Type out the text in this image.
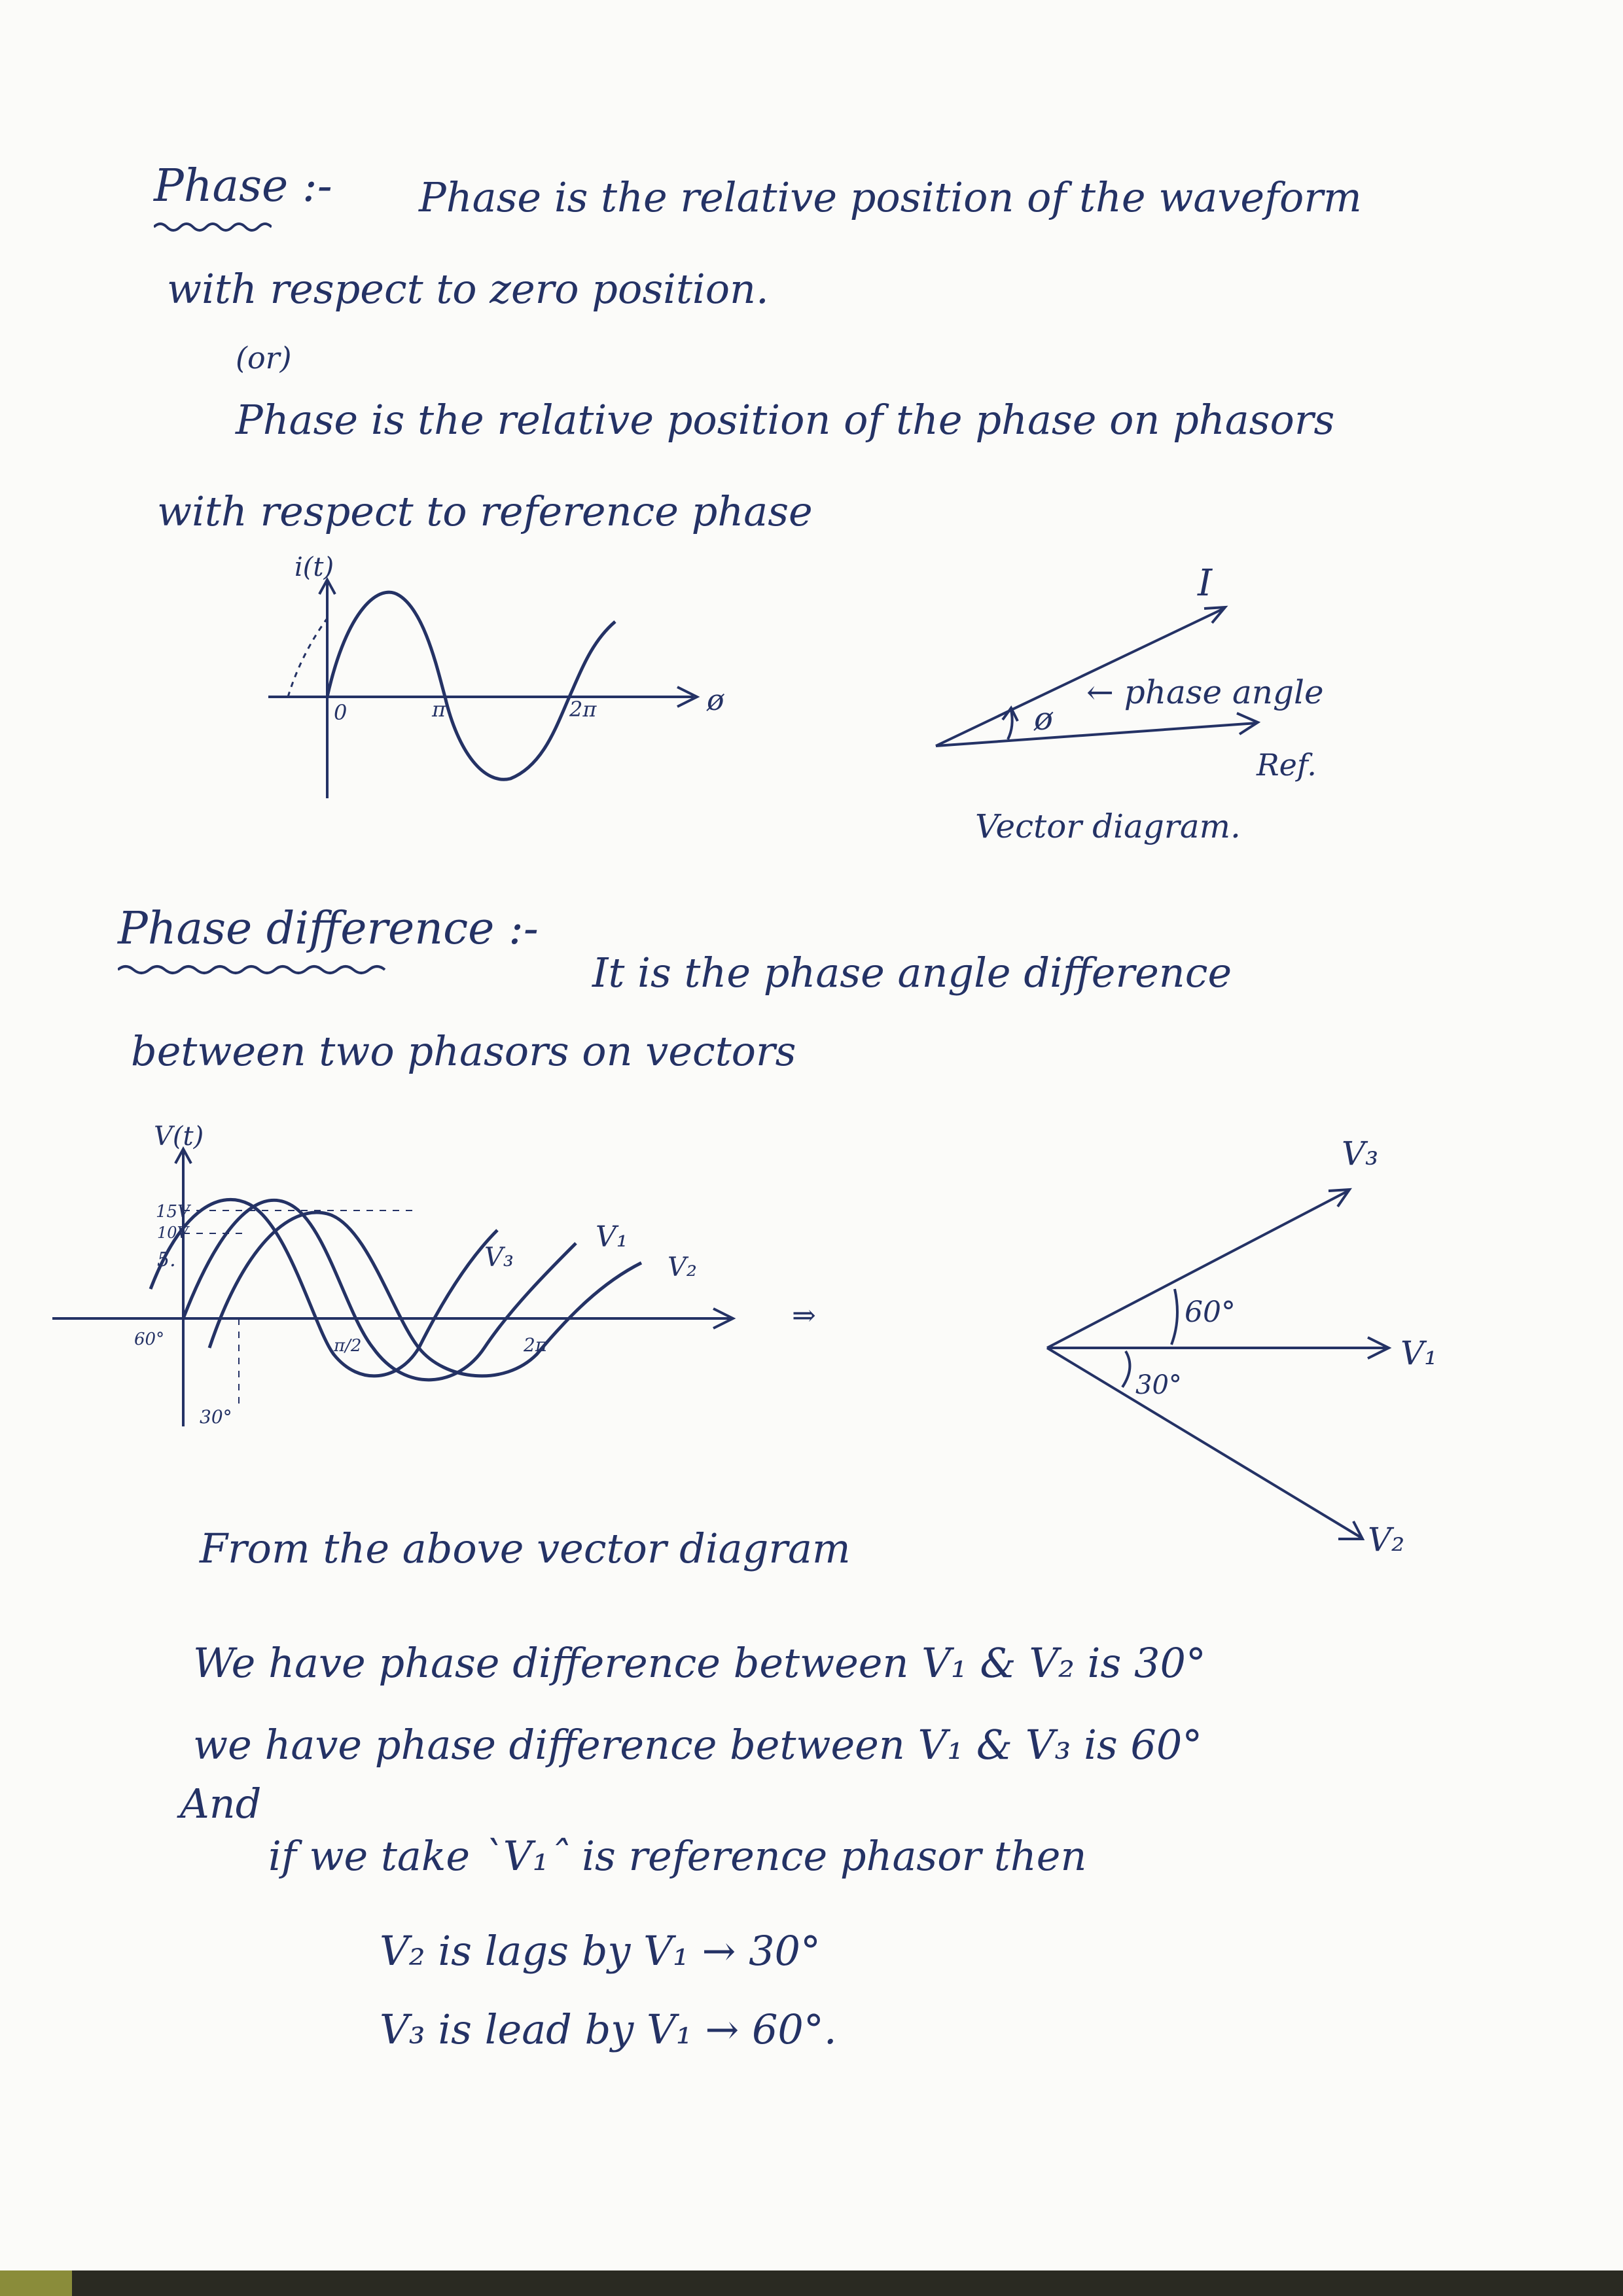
Phase :- Phase is the relative position of the waveform
with respect to zero position.
(or)
Phase is the relative position of the phase on phasors
with respect to reference phase
i(t)
0	π	2π	ø
I
ø
← phase angle
Ref.
Vector diagram.
Phase difference :-
It is the phase angle difference
between two phasors on vectors
V(t)
15V
10V
5.
60°
30°
π/2	2π
V₁
V₃	V₂
⇒
V₃
V₁
V₂
60°
30°
From the above vector diagram
We have phase difference between V₁ & V₂ is 30°
we have phase difference between V₁ & V₃ is 60°
And
if we take `V₁ˆ is reference phasor then
V₂ is lags by V₁ → 30°
V₃ is lead by V₁ → 60°.
